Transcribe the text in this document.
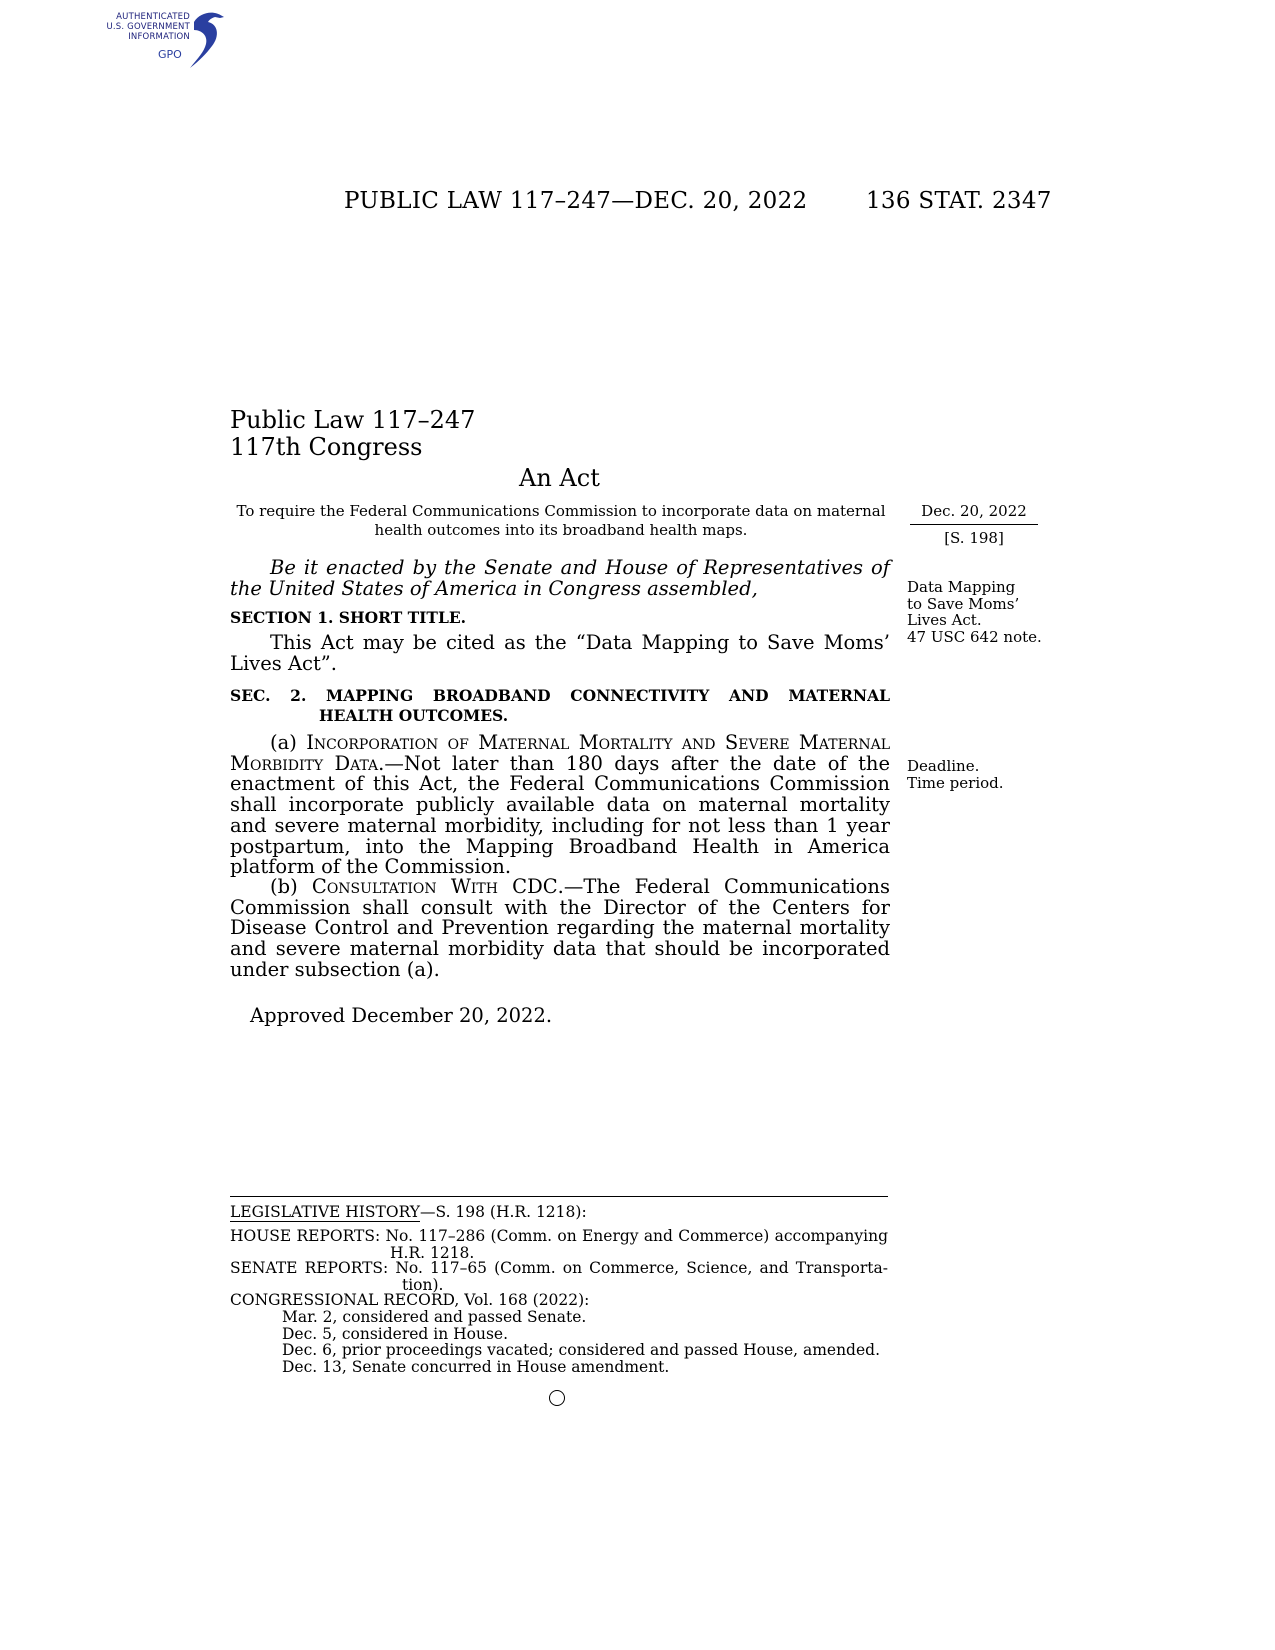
AUTHENTICATED
U.S. GOVERNMENT
INFORMATION
GPO
PUBLIC LAW 117–247—DEC. 20, 2022	136 STAT. 2347
Public Law 117–247
117th Congress
An Act
To require the Federal Communications Commission to incorporate data on maternal
health outcomes into its broadband health maps.
Dec. 20, 2022
[S. 198]
Be it enacted by the Senate and House of Representatives of the United States of America in Congress assembled,
SECTION 1. SHORT TITLE.
This Act may be cited as the “Data Mapping to Save Moms’ Lives Act”.
SEC. 2. MAPPING BROADBAND CONNECTIVITY AND MATERNAL
HEALTH OUTCOMES.
(a) Incorporation of Maternal Mortality and Severe Maternal Morbidity Data.—Not later than 180 days after the date of the enactment of this Act, the Federal Communications Commission shall incorporate publicly available data on maternal mortality and severe maternal morbidity, including for not less than 1 year postpartum, into the Mapping Broadband Health in America platform of the Commission.
(b) Consultation With CDC.—The Federal Communications Commission shall consult with the Director of the Centers for Disease Control and Prevention regarding the maternal mortality and severe maternal morbidity data that should be incorporated under subsection (a).
Approved December 20, 2022.
Data Mapping
to Save Moms’
Lives Act.
47 USC 642 note.
Deadline.
Time period.
LEGISLATIVE HISTORY—S. 198 (H.R. 1218):
HOUSE REPORTS: No. 117–286 (Comm. on Energy and Commerce) accompanying
H.R. 1218.
SENATE REPORTS: No. 117–65 (Comm. on Commerce, Science, and Transporta-
tion).
CONGRESSIONAL RECORD, Vol. 168 (2022):
Mar. 2, considered and passed Senate.
Dec. 5, considered in House.
Dec. 6, prior proceedings vacated; considered and passed House, amended.
Dec. 13, Senate concurred in House amendment.
